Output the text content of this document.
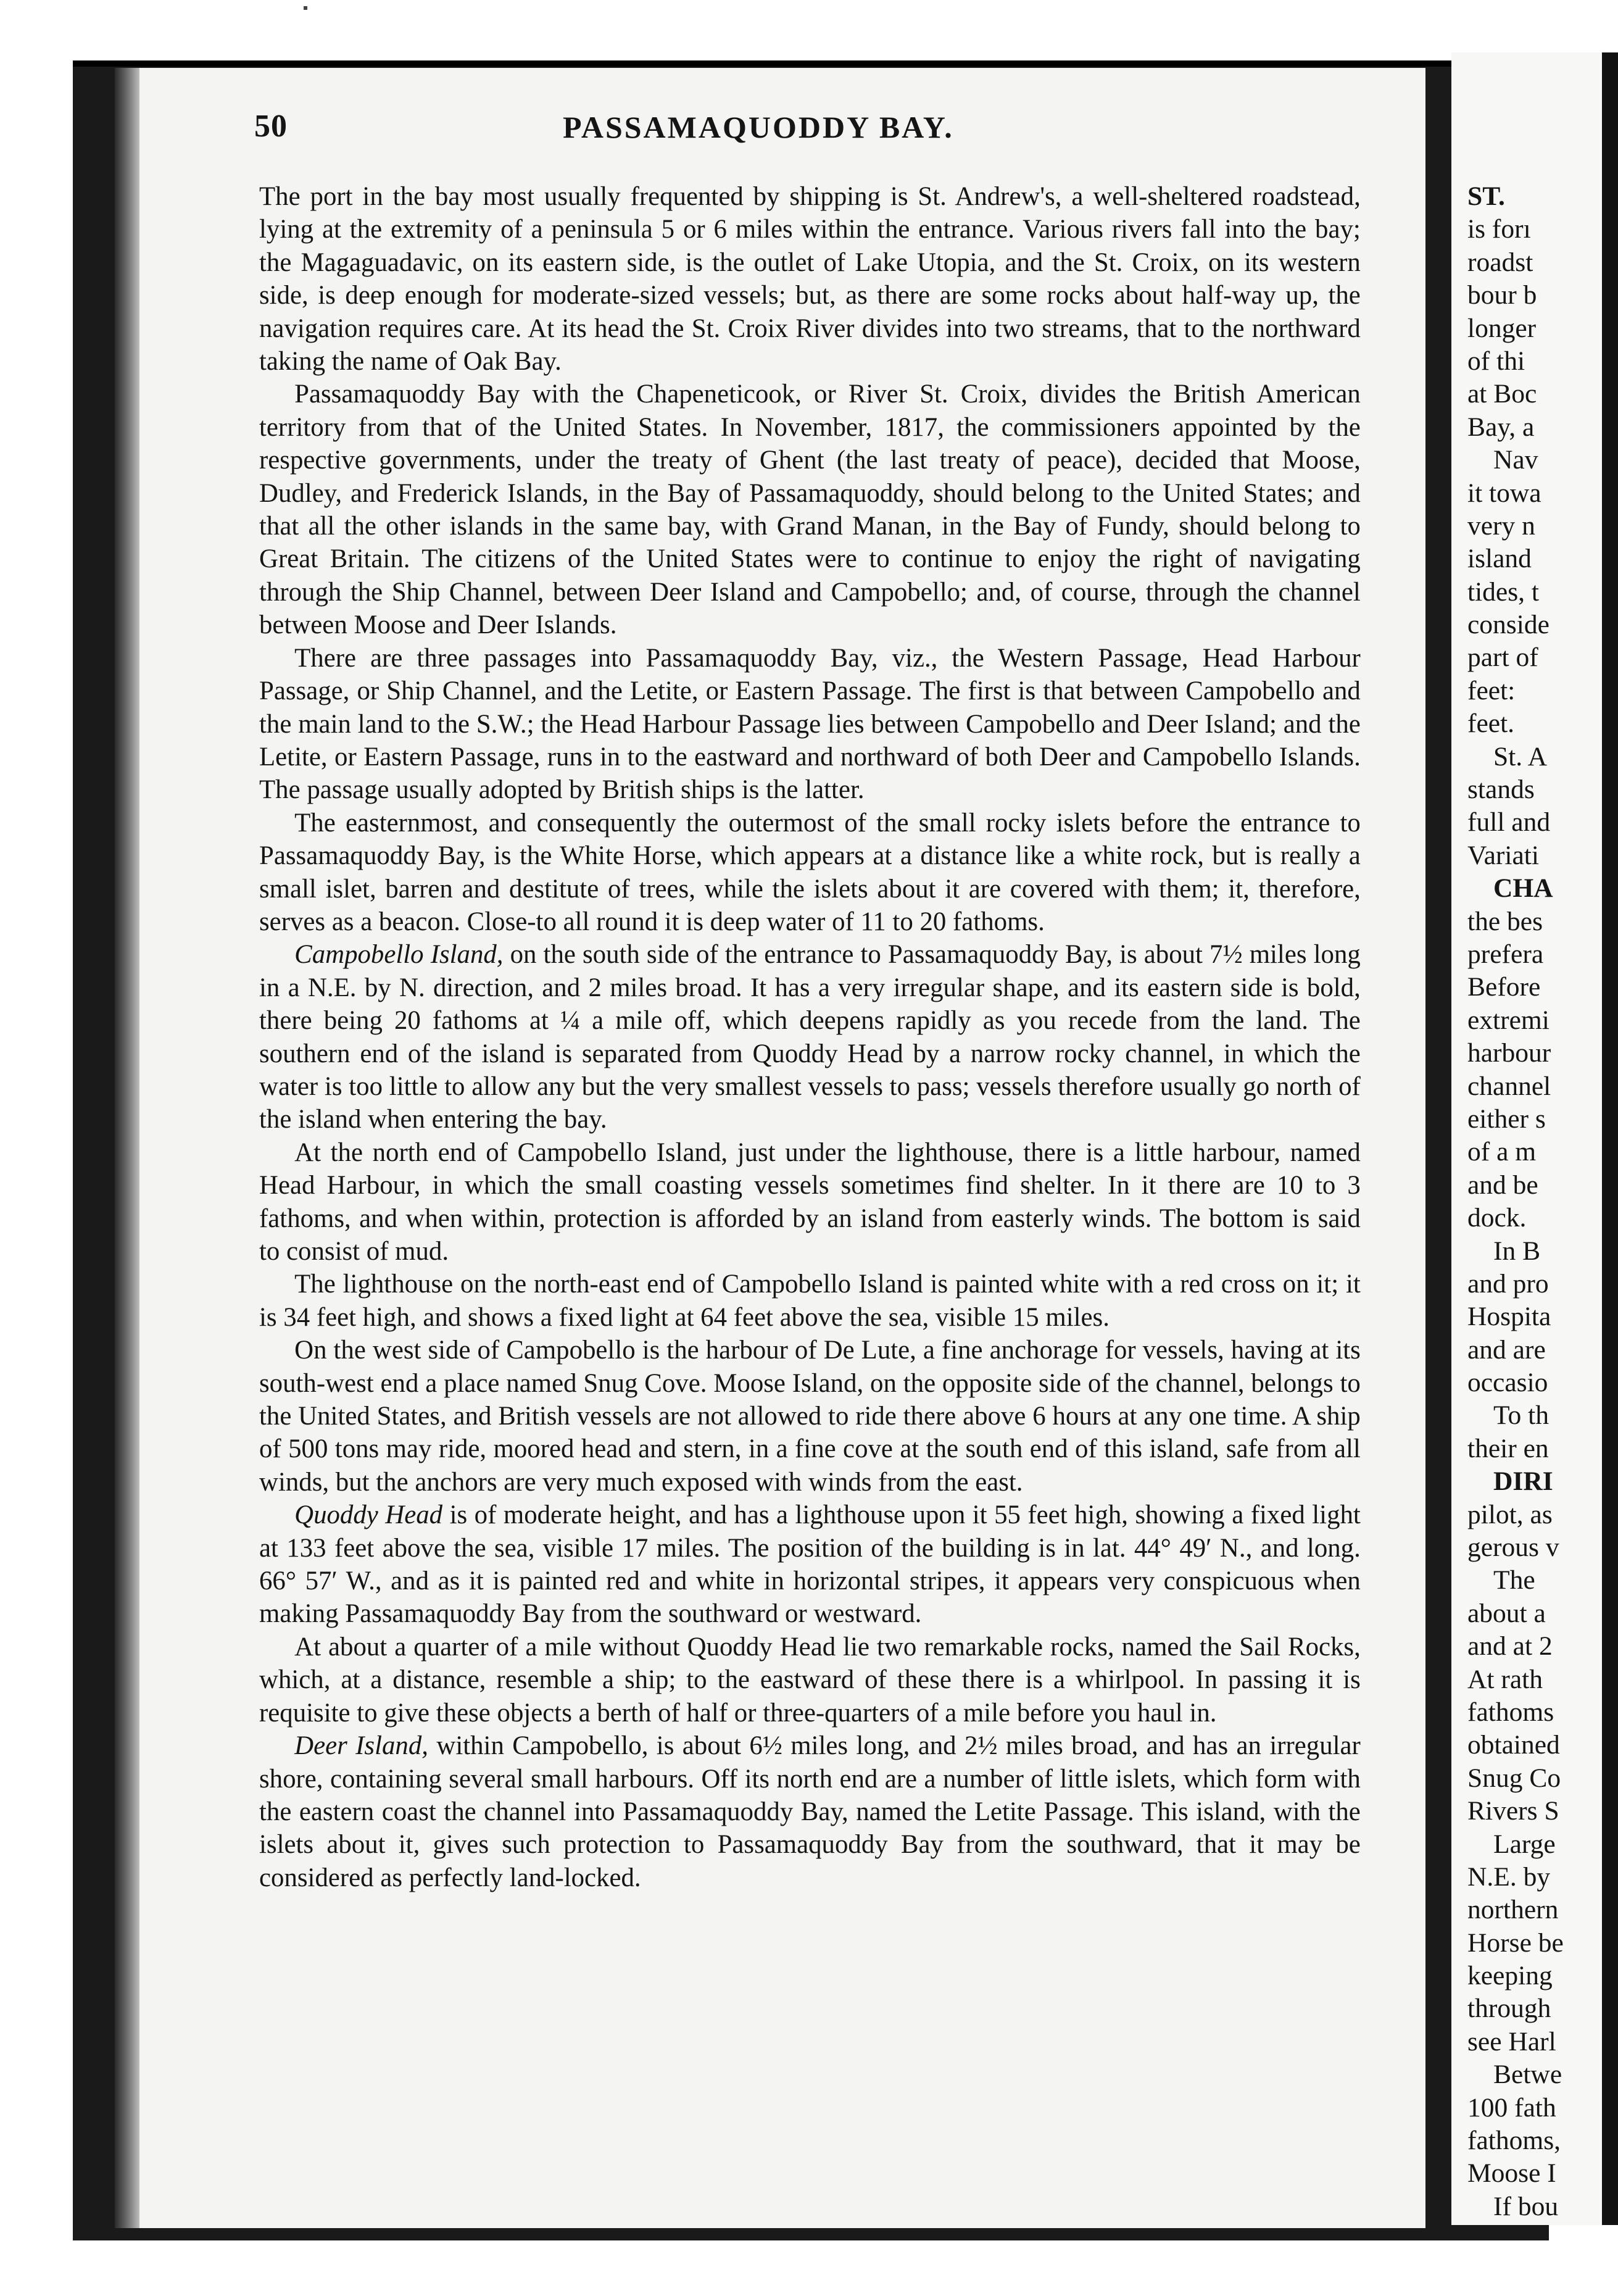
50	PASSAMAQUODDY BAY.

The port in the bay most usually frequented by shipping is St. Andrew's, a well-sheltered roadstead, lying at the extremity of a peninsula 5 or 6 miles within the entrance. Various rivers fall into the bay; the Magaguadavic, on its eastern side, is the outlet of Lake Utopia, and the St. Croix, on its western side, is deep enough for moderate-sized vessels; but, as there are some rocks about half-way up, the navigation requires care. At its head the St. Croix River divides into two streams, that to the northward taking the name of Oak Bay.

Passamaquoddy Bay with the Chapeneticook, or River St. Croix, divides the British American territory from that of the United States. In November, 1817, the commissioners appointed by the respective governments, under the treaty of Ghent (the last treaty of peace), decided that Moose, Dudley, and Frederick Islands, in the Bay of Passamaquoddy, should belong to the United States; and that all the other islands in the same bay, with Grand Manan, in the Bay of Fundy, should belong to Great Britain. The citizens of the United States were to continue to enjoy the right of navigating through the Ship Channel, between Deer Island and Campobello; and, of course, through the channel between Moose and Deer Islands.

There are three passages into Passamaquoddy Bay, viz., the Western Passage, Head Harbour Passage, or Ship Channel, and the Letite, or Eastern Passage. The first is that between Campobello and the main land to the S.W.; the Head Harbour Passage lies between Campobello and Deer Island; and the Letite, or Eastern Passage, runs in to the eastward and northward of both Deer and Campobello Islands. The passage usually adopted by British ships is the latter.

The easternmost, and consequently the outermost of the small rocky islets before the entrance to Passamaquoddy Bay, is the White Horse, which appears at a distance like a white rock, but is really a small islet, barren and destitute of trees, while the islets about it are covered with them; it, therefore, serves as a beacon. Close-to all round it is deep water of 11 to 20 fathoms.

Campobello Island, on the south side of the entrance to Passamaquoddy Bay, is about 7½ miles long in a N.E. by N. direction, and 2 miles broad. It has a very irregular shape, and its eastern side is bold, there being 20 fathoms at ¼ a mile off, which deepens rapidly as you recede from the land. The southern end of the island is separated from Quoddy Head by a narrow rocky channel, in which the water is too little to allow any but the very smallest vessels to pass; vessels therefore usually go north of the island when entering the bay.

At the north end of Campobello Island, just under the lighthouse, there is a little harbour, named Head Harbour, in which the small coasting vessels sometimes find shelter. In it there are 10 to 3 fathoms, and when within, protection is afforded by an island from easterly winds. The bottom is said to consist of mud.

The lighthouse on the north-east end of Campobello Island is painted white with a red cross on it; it is 34 feet high, and shows a fixed light at 64 feet above the sea, visible 15 miles.

On the west side of Campobello is the harbour of De Lute, a fine anchorage for vessels, having at its south-west end a place named Snug Cove. Moose Island, on the opposite side of the channel, belongs to the United States, and British vessels are not allowed to ride there above 6 hours at any one time. A ship of 500 tons may ride, moored head and stern, in a fine cove at the south end of this island, safe from all winds, but the anchors are very much exposed with winds from the east.

Quoddy Head is of moderate height, and has a lighthouse upon it 55 feet high, showing a fixed light at 133 feet above the sea, visible 17 miles. The position of the building is in lat. 44° 49′ N., and long. 66° 57′ W., and as it is painted red and white in horizontal stripes, it appears very conspicuous when making Passamaquoddy Bay from the southward or westward.

At about a quarter of a mile without Quoddy Head lie two remarkable rocks, named the Sail Rocks, which, at a distance, resemble a ship; to the eastward of these there is a whirlpool. In passing it is requisite to give these objects a berth of half or three-quarters of a mile before you haul in.

Deer Island, within Campobello, is about 6½ miles long, and 2½ miles broad, and has an irregular shore, containing several small harbours. Off its north end are a number of little islets, which form with the eastern coast the channel into Passamaquoddy Bay, named the Letite Passage. This island, with the islets about it, gives such protection to Passamaquoddy Bay from the southward, that it may be considered as perfectly land-locked.

ST.
is forı
roadst
bour b
longer
of thi
at Boc
Bay, a
Nav
it towa
very n
island
tides, t
conside
part of
feet:
feet.
St. A
stands
full and
Variati
CHA
the bes
prefera
Before
extremi
harbour
channel
either s
of a m
and be
dock.
In B
and pro
Hospita
and are
occasio
To th
their en
DIRI
pilot, as
gerous v
The
about a
and at 2
At rath
fathoms
obtained
Snug Co
Rivers S
Large
N.E. by
northern
Horse be
keeping
through
see Harl
Betwe
100 fath
fathoms,
Moose I
If bou
